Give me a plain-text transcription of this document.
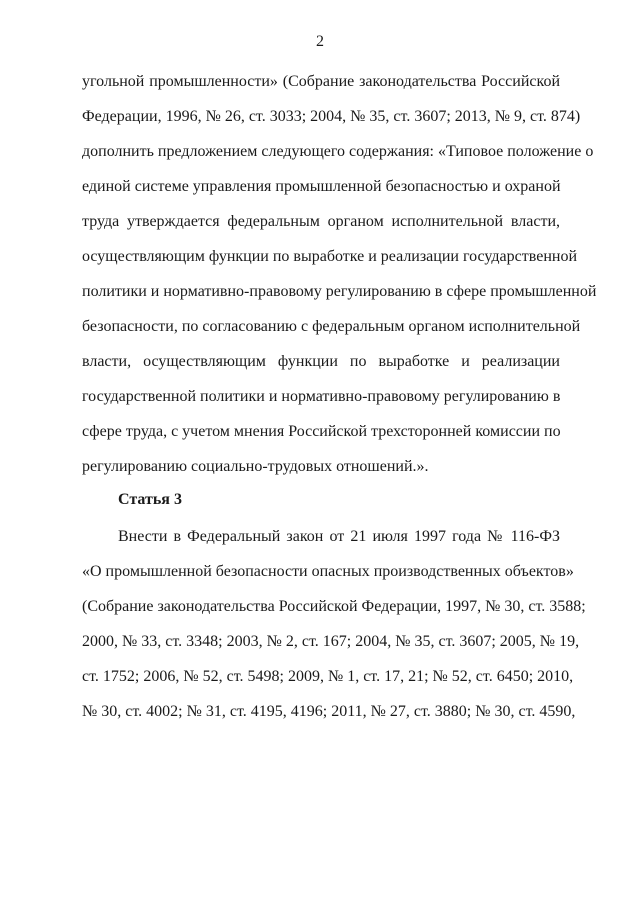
2
угольной промышленности» (Собрание законодательства Российской
Федерации, 1996, № 26, ст. 3033; 2004, № 35, ст. 3607; 2013, № 9, ст. 874)
дополнить предложением следующего содержания: «Типовое положение о
единой системе управления промышленной безопасностью и охраной
труда утверждается федеральным органом исполнительной власти,
осуществляющим функции по выработке и реализации государственной
политики и нормативно-правовому регулированию в сфере промышленной
безопасности, по согласованию с федеральным органом исполнительной
власти, осуществляющим функции по выработке и реализации
государственной политики и нормативно-правовому регулированию в
сфере труда, с учетом мнения Российской трехсторонней комиссии по
регулированию социально-трудовых отношений.».
Статья 3
Внести в Федеральный закон от 21 июля 1997 года № 116-ФЗ
«О промышленной безопасности опасных производственных объектов»
(Собрание законодательства Российской Федерации, 1997, № 30, ст. 3588;
2000, № 33, ст. 3348; 2003, № 2, ст. 167; 2004, № 35, ст. 3607; 2005, № 19,
ст. 1752; 2006, № 52, ст. 5498; 2009, № 1, ст. 17, 21; № 52, ст. 6450; 2010,
№ 30, ст. 4002; № 31, ст. 4195, 4196; 2011, № 27, ст. 3880; № 30, ст. 4590,
